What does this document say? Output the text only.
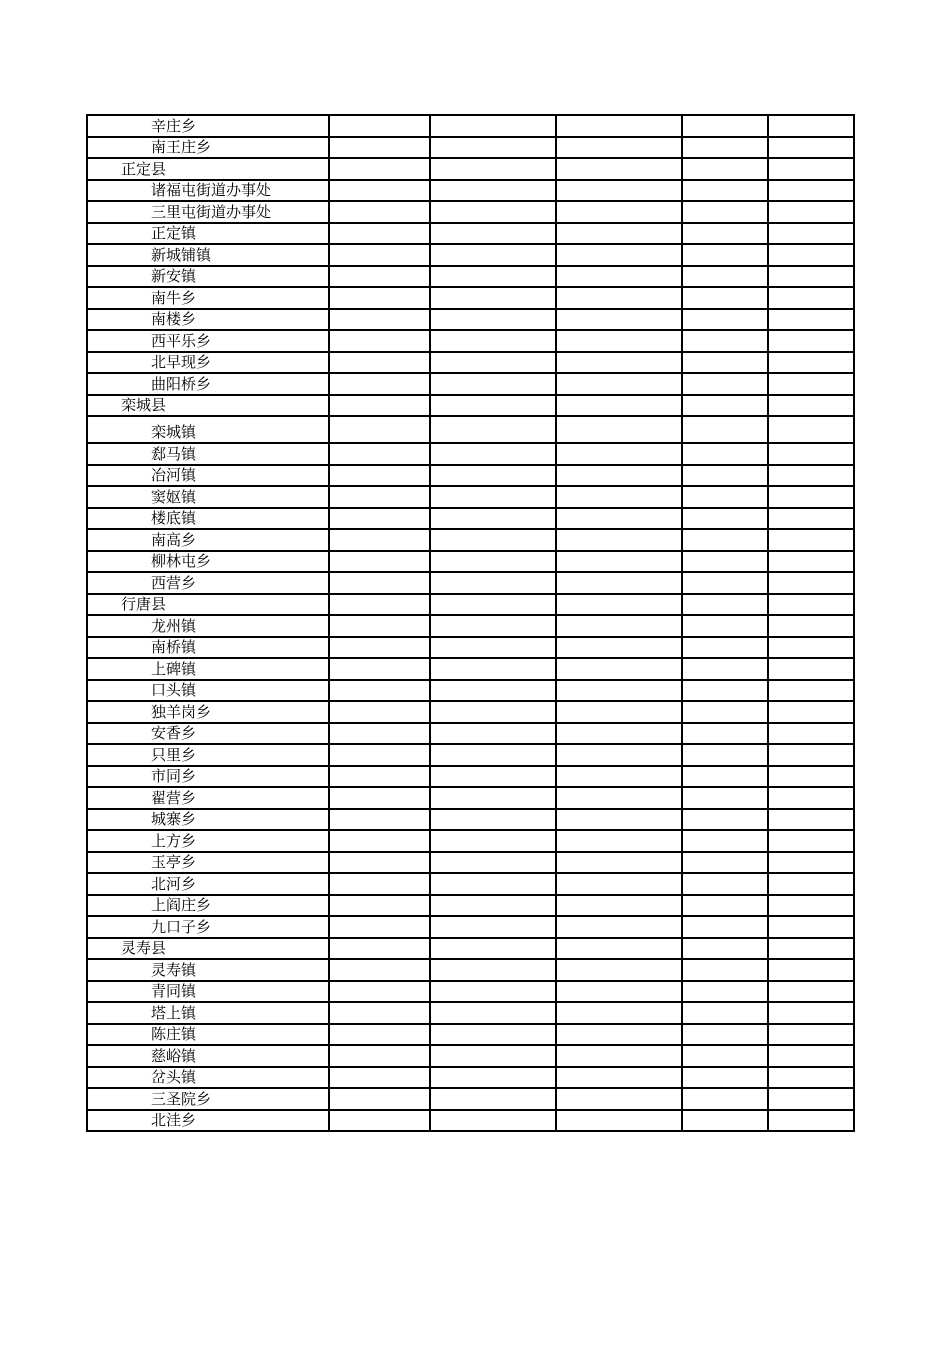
辛庄乡					
南王庄乡					
正定县					
诸福屯街道办事处					
三里屯街道办事处					
正定镇					
新城铺镇					
新安镇					
南牛乡					
南楼乡					
西平乐乡					
北早现乡					
曲阳桥乡					
栾城县					
栾城镇					
郄马镇					
冶河镇					
窦妪镇					
楼底镇					
南高乡					
柳林屯乡					
西营乡					
行唐县					
龙州镇					
南桥镇					
上碑镇					
口头镇					
独羊岗乡					
安香乡					
只里乡					
市同乡					
翟营乡					
城寨乡					
上方乡					
玉亭乡					
北河乡					
上阎庄乡					
九口子乡					
灵寿县					
灵寿镇					
青同镇					
塔上镇					
陈庄镇					
慈峪镇					
岔头镇					
三圣院乡					
北洼乡					
